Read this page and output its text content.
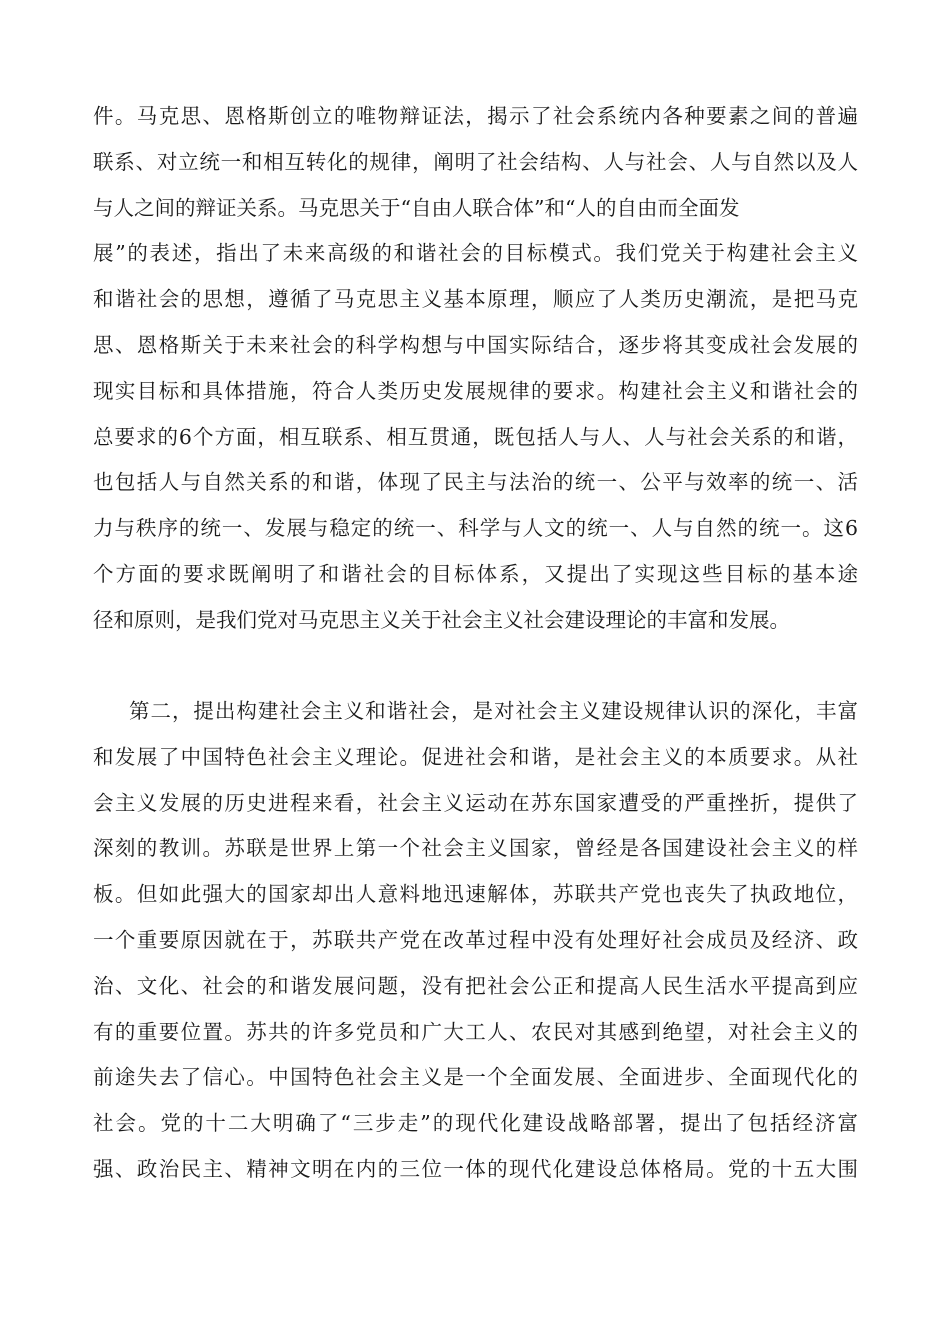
件。马克思、恩格斯创立的唯物辩证法，揭示了社会系统内各种要素之间的普遍
联系、对立统一和相互转化的规律，阐明了社会结构、人与社会、人与自然以及人
与人之间的辩证关系。马克思关于“自由人联合体”和“人的自由而全面发
展”的表述，指出了未来高级的和谐社会的目标模式。我们党关于构建社会主义
和谐社会的思想，遵循了马克思主义基本原理，顺应了人类历史潮流，是把马克
思、恩格斯关于未来社会的科学构想与中国实际结合，逐步将其变成社会发展的
现实目标和具体措施，符合人类历史发展规律的要求。构建社会主义和谐社会的
总要求的6个方面，相互联系、相互贯通，既包括人与人、人与社会关系的和谐，
也包括人与自然关系的和谐，体现了民主与法治的统一、公平与效率的统一、活
力与秩序的统一、发展与稳定的统一、科学与人文的统一、人与自然的统一。这6
个方面的要求既阐明了和谐社会的目标体系，又提出了实现这些目标的基本途
径和原则，是我们党对马克思主义关于社会主义社会建设理论的丰富和发展。
第二，提出构建社会主义和谐社会，是对社会主义建设规律认识的深化，丰富
和发展了中国特色社会主义理论。促进社会和谐，是社会主义的本质要求。从社
会主义发展的历史进程来看，社会主义运动在苏东国家遭受的严重挫折，提供了
深刻的教训。苏联是世界上第一个社会主义国家，曾经是各国建设社会主义的样
板。但如此强大的国家却出人意料地迅速解体，苏联共产党也丧失了执政地位，
一个重要原因就在于，苏联共产党在改革过程中没有处理好社会成员及经济、政
治、文化、社会的和谐发展问题，没有把社会公正和提高人民生活水平提高到应
有的重要位置。苏共的许多党员和广大工人、农民对其感到绝望，对社会主义的
前途失去了信心。中国特色社会主义是一个全面发展、全面进步、全面现代化的
社会。党的十二大明确了“三步走”的现代化建设战略部署，提出了包括经济富
强、政治民主、精神文明在内的三位一体的现代化建设总体格局。党的十五大围
